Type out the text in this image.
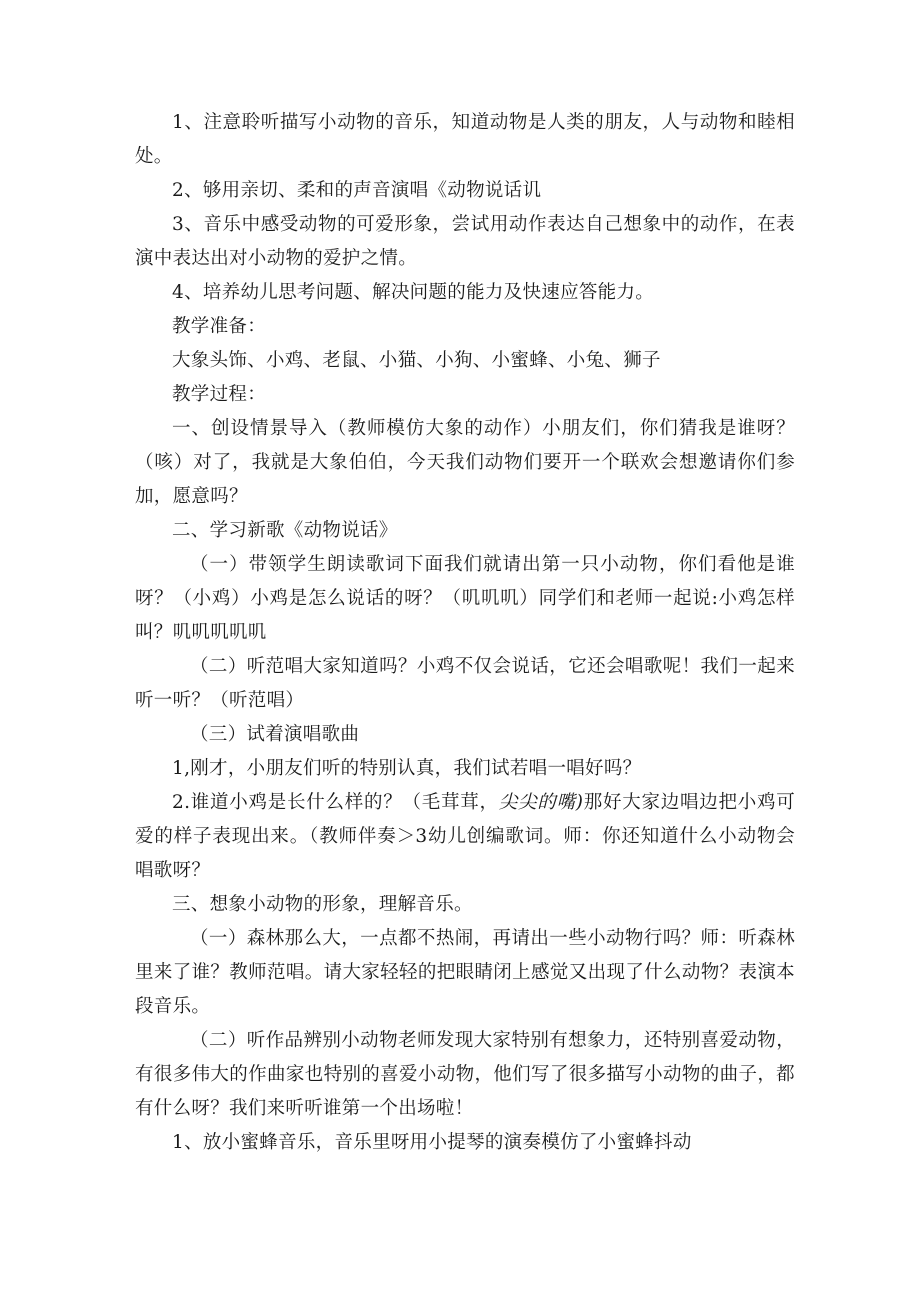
1、注意聆听描写小动物的音乐，知道动物是人类的朋友，人与动物和睦相处。

2、够用亲切、柔和的声音演唱《动物说话讥

3、音乐中感受动物的可爱形象，尝试用动作表达自己想象中的动作，在表演中表达出对小动物的爱护之情。

4、培养幼儿思考问题、解决问题的能力及快速应答能力。

教学准备：

大象头饰、小鸡、老鼠、小猫、小狗、小蜜蜂、小兔、狮子

教学过程：

一、创设情景导入（教师模仿大象的动作）小朋友们，你们猜我是谁呀？（咳）对了，我就是大象伯伯，今天我们动物们要开一个联欢会想邀请你们参加，愿意吗？

二、学习新歌《动物说话》

（一）带领学生朗读歌词下面我们就请出第一只小动物，你们看他是谁呀？（小鸡）小鸡是怎么说话的呀？（叽叽叽）同学们和老师一起说:小鸡怎样叫？叽叽叽叽叽

（二）听范唱大家知道吗？小鸡不仅会说话，它还会唱歌呢！我们一起来听一听？（听范唱）

（三）试着演唱歌曲

1,刚才，小朋友们听的特别认真，我们试若唱一唱好吗？

2.谁道小鸡是长什么样的？（毛茸茸，尖尖的嘴)那好大家边唱边把小鸡可爱的样子表现出来。（教师伴奏＞3幼儿创编歌词。师：你还知道什么小动物会唱歌呀？

三、想象小动物的形象，理解音乐。

（一）森林那么大，一点都不热闹，再请出一些小动物行吗？师：听森林里来了谁？教师范唱。请大家轻轻的把眼睛闭上感觉又出现了什么动物？表演本段音乐。

（二）听作品辨别小动物老师发现大家特别有想象力，还特别喜爱动物，有很多伟大的作曲家也特别的喜爱小动物，他们写了很多描写小动物的曲子，都有什么呀？我们来听听谁第一个出场啦！

1、放小蜜蜂音乐，音乐里呀用小提琴的演奏模仿了小蜜蜂抖动
